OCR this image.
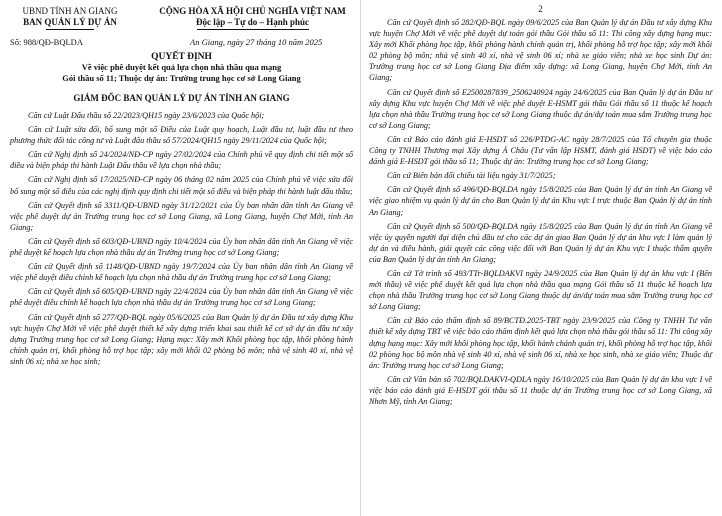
UBND TỈNH AN GIANG
BAN QUẢN LÝ DỰ ÁN
CỘNG HÒA XÃ HỘI CHỦ NGHĨA VIỆT NAM
Độc lập – Tự do – Hạnh phúc
Số: 988/QĐ-BQLDA	An Giang, ngày 27 tháng 10 năm 2025
QUYẾT ĐỊNH
Về việc phê duyệt kết quả lựa chọn nhà thầu qua mạng
Gói thầu số 11; Thuộc dự án: Trường trung học cơ sở Long Giang
GIÁM ĐỐC BAN QUẢN LÝ DỰ ÁN TỈNH AN GIANG

Căn cứ Luật Đấu thầu số 22/2023/QH15 ngày 23/6/2023 của Quốc hội;

Căn cứ Luật sửa đổi, bổ sung một số Điều của Luật quy hoạch, Luật đầu tư, luật đầu tư theo phương thức đối tác công tư và Luật đấu thầu số 57/2024/QH15 ngày 29/11/2024 của Quốc hội;

Căn cứ Nghị định số 24/2024/NĐ-CP ngày 27/02/2024 của Chính phủ về quy định chi tiết một số điều và biện pháp thi hành Luật Đấu thầu về lựa chọn nhà thầu;

Căn cứ Nghị định số 17/2025/NĐ-CP ngày 06 tháng 02 năm 2025 của Chính phủ về việc sửa đổi bổ sung một số điều của các nghị định quy định chi tiết một số điều và biện pháp thi hành luật đấu thầu;

Căn cứ Quyết định số 3311/QĐ-UBND ngày 31/12/2021 của Ủy ban nhân dân tỉnh An Giang về việc phê duyệt dự án Trường trung học cơ sở Long Giang, xã Long Giang, huyện Chợ Mới, tỉnh An Giang;

Căn cứ Quyết định số 603/QĐ-UBND ngày 10/4/2024 của Ủy ban nhân dân tỉnh An Giang về việc phê duyệt kế hoạch lựa chọn nhà thầu dự án Trường trung học cơ sở Long Giang;

Căn cứ Quyết định số 1148/QĐ-UBND ngày 19/7/2024 của Ủy ban nhân dân tỉnh An Giang về việc phê duyệt điều chỉnh kế hoạch lựa chọn nhà thầu dự án Trường trung học cơ sở Long Giang;

Căn cứ Quyết định số 605/QĐ-UBND ngày 22/4/2024 của Ủy ban nhân dân tỉnh An Giang về việc phê duyệt điều chỉnh kế hoạch lựa chọn nhà thầu dự án Trường trung học cơ sở Long Giang;

Căn cứ Quyết định số 277/QĐ-BQL ngày 05/6/2025 của Ban Quản lý dự án Đầu tư xây dựng Khu vực huyện Chợ Mới về việc phê duyệt thiết kế xây dựng triển khai sau thiết kế cơ sở dự án đầu tư xây dựng Trường trung học cơ sở Long Giang; Hạng mục: Xây mới Khối phòng học tập, khối phòng hành chính quản trị, khối phòng hỗ trợ học tập; xây mới khối 02 phòng bộ môn; nhà vệ sinh 40 xí, nhà vệ sinh 06 xí; nhà xe học sinh;

2

Căn cứ Quyết định số 282/QĐ-BQL ngày 09/6/2025 của Ban Quản lý dự án Đầu tư xây dựng Khu vực huyện Chợ Mới về việc phê duyệt dự toán gói thầu Gói thầu số 11: Thi công xây dựng hạng mục: Xây mới Khối phòng học tập, khối phòng hành chính quản trị, khối phòng hỗ trợ học tập; xây mới khối 02 phòng bộ môn; nhà vệ sinh 40 xí, nhà vệ sinh 06 xí; nhà xe giáo viên; nhà xe học sinh Dự án: Trường trung học cơ sở Long Giang Địa điểm xây dựng: xã Long Giang, huyện Chợ Mới, tỉnh An Giang;

Căn cứ Quyết định số E2500287839_2506240924 ngày 24/6/2025 của Ban Quản lý dự án Đầu tư xây dựng Khu vực huyện Chợ Mới về việc phê duyệt E-HSMT gói thầu Gói thầu số 11 thuộc kế hoạch lựa chọn nhà thầu Trường trung học cơ sở Long Giang thuộc dự án/dự toán mua sắm Trường trung học cơ sở Long Giang;

Căn cứ Báo cáo đánh giá E-HSDT số 226/PTDG-AC ngày 28/7/2025 của Tổ chuyên gia thuộc Công ty TNHH Thương mại Xây dựng Á Châu (Tư vấn lập HSMT, đánh giá HSDT) về việc báo cáo đánh giá E-HSDT gói thầu số 11; Thuộc dự án: Trường trung học cơ sở Long Giang;

Căn cứ Biên bản đối chiếu tài liệu ngày 31/7/2025;

Căn cứ Quyết định số 496/QĐ-BQLDA ngày 15/8/2025 của Ban Quản lý dự án tỉnh An Giang về việc giao nhiệm vụ quản lý dự án cho Ban Quản lý dự án Khu vực I trực thuộc Ban Quản lý dự án tỉnh An Giang;

Căn cứ Quyết định số 500/QĐ-BQLDA ngày 15/8/2025 của Ban Quản lý dự án tỉnh An Giang về việc ủy quyền người đại diện chủ đầu tư cho các dự án giao Ban Quản lý dự án khu vực I làm quản lý dự án và điều hành, giải quyết các công việc đối với Ban Quản lý dự án Khu vực I thuộc thẩm quyền của Ban Quản lý dự án tỉnh An Giang;

Căn cứ Tờ trình số 493/TTr-BQLDAKVI ngày 24/9/2025 của Ban Quản lý dự án khu vực I (Bên mời thầu) về việc phê duyệt kết quả lựa chọn nhà thầu qua mạng Gói thầu số 11 thuộc kế hoạch lựa chọn nhà thầu Trường trung học cơ sở Long Giang thuộc dự án/dự toán mua sắm Trường trung học cơ sở Long Giang;

Căn cứ Báo cáo thẩm định số 89/BCTĐ.2025-TBT ngày 23/9/2025 của Công ty TNHH Tư vấn thiết kế xây dựng TBT về việc báo cáo thẩm định kết quả lựa chọn nhà thầu gói thầu số 11: Thi công xây dựng hạng mục: Xây mới khối phòng học tập, khối hành chánh quản trị, khối phòng hỗ trợ học tập, khối 02 phòng học bộ môn nhà vệ sinh 40 xí, nhà vệ sinh 06 xí, nhà xe học sinh, nhà xe giáo viên; Thuộc dự án: Trường trung học cơ sở Long Giang;

Căn cứ Văn bản số 702/BQLDAKVI-QDLA ngày 16/10/2025 của Ban Quản lý dự án khu vực I về việc báo cáo đánh giá E-HSDT gói thầu số 11 thuộc dự án Trường trung học cơ sở Long Giang, xã Nhơn Mỹ, tỉnh An Giang;
